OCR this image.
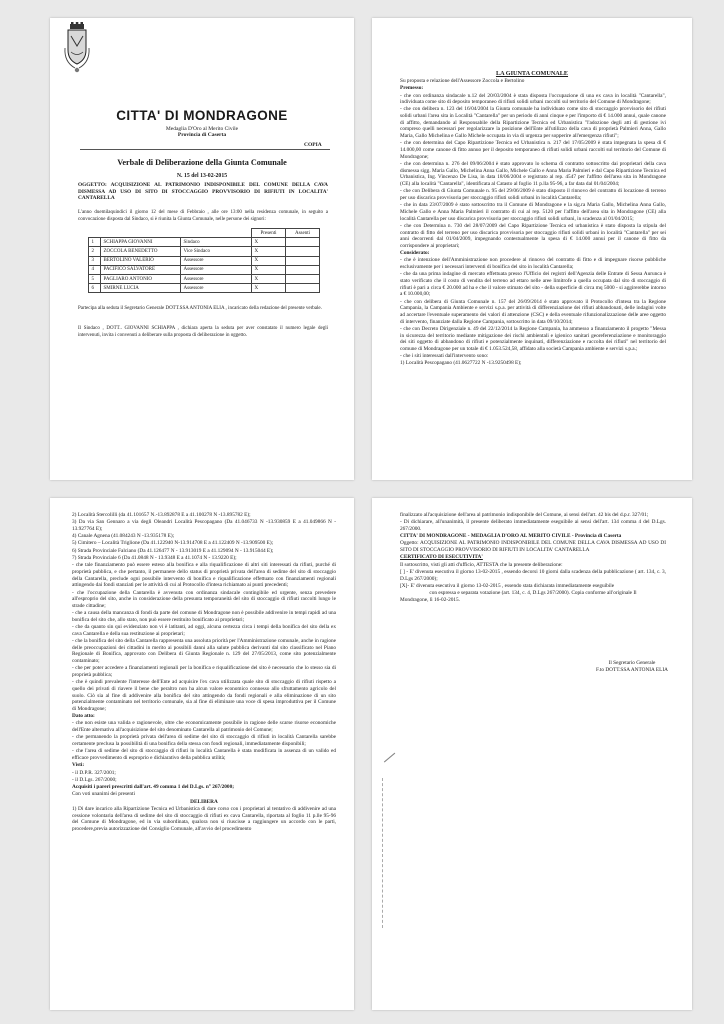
CITTA' DI MONDRAGONE
Medaglia D'Oro al Merito Civile
Provincia di Caserta
COPIA
Verbale di Deliberazione della Giunta Comunale
N. 15 del 13-02-2015
OGGETTO: ACQUISIZIONE AL PATRIMONIO INDISPONIBILE DEL COMUNE DELLA CAVA DISMESSA AD USO DI SITO DI STOCCAGGIO PROVVISORIO DI RIFIUTI IN LOCALITA' CANTARELLA
L'anno duemilaquindici il giorno 12 del mese di Febbraio , alle ore 13:00 nella residenza comunale, in seguito a convocazione disposta dal Sindaco, si è riunita la Giunta Comunale, nelle persone dei signori:
			Presenti	Assenti
1	SCHIAPPA GIOVANNI	Sindaco	X	
2	ZOCCOLA BENEDETTO	Vice Sindaco	X	
3	BERTOLINO VALERIO	Assessore	X	
4	PACIFICO SALVATORE	Assessore	X	
5	PAGLIARO ANTONIO	Assessore	X	
6	SMIRNE LUCIA	Assessore	X	
Partecipa alla seduta il Segretario Generale DOTT.SSA ANTONIA ELIA , incaricato della redazione del presente verbale.
Il Sindaco , DOTT.. GIOVANNI SCHIAPPA , dichiara aperta la seduta per aver constatato il numero legale degli intervenuti, invita i convenuti a deliberare sulla proposta di deliberazione in oggetto.
LA GIUNTA COMUNALE

Su proposta e relazione dell'Assessore Zoccola e Bertolino

Premesso:

- che con ordinanza sindacale n.12 del 20/03/2004 è stata disposta l'occupazione di una ex cava in località "Cantarella", individuata come sito di deposito temporaneo di rifiuti solidi urbani raccolti sul territorio del Comune di Mondragone;

- che con delibera n. 123 del 16/04/2004 la Giunta comunale ha individuato come sito di stoccaggio provvisorio dei rifiuti solidi urbani l'area sita in Località "Cantarella" per un periodo di anni cinque e per l'importo di € 14.000 annui, quale canone di affitto, demandando al Responsabile della Ripartizione Tecnica ed Urbanistica "l'adozione degli atti di gestione ivi compreso quelli necessari per regolarizzare la posizione dell'Ente all'utilizzo della cava di proprietà Palmieri Anna, Gallo Maria, Gallo Michelina e Gallo Michele occupata in via di urgenza per sopperire all'emergenza rifiuti";

- che con determina del Capo Ripartizione Tecnica ed Urbanistica n. 217 del 17/05/2009 è stata impegnata la spesa di € 14.000,00 come canone di fitto annuo per il deposito temporaneo di rifiuti solidi urbani raccolti sul territorio del Comune di Mondragone;

- che con determina n. 276 del 09/06/2004 è stato approvato lo schema di contratto sottoscritto dai proprietari della cava dismessa sigg. Maria Gallo, Michelina Anna Gallo, Michele Gallo e Anna Maria Palmieri e dal Capo Ripartizione Tecnica ed Urbanistica, Ing. Vincenzo De Lisa, in data 18/06/2004 e registrato al rep. 4547 per l'affitto dell'area sita in Mondragone (CE) alla località "Cantarella", identificata al Catasto al foglio 11 p.lla 95-96, a far data dal 01/04/2004;

- che con Delibera di Giunta Comunale n. 95 del 29/06/2009 è stato disposto il rinnovo del contratto di locazione di terreno per uso discarica provvisoria per stoccaggio rifiuti solidi urbani in località Cantarella;

- che in data 23/07/2009 è stato sottoscritto tra il Comune di Mondragone e la sig.ra Maria Gallo, Michelina Anna Gallo, Michele Gallo e Anna Maria Palmieri il contratto di cui al rep. 5120 per l'affitto dell'area sita in Mondragone (CE) alla località Cantarella per uso discarica provvisoria per stoccaggio rifiuti solidi urbani, in scadenza al 01/04/2015;

- che con Determina n. 730 del 28/07/2009 del Capo Ripartizione Tecnica ed urbanistica è stato disposta la stipula del contratto di fitto del terreno per uso discarica provvisoria per stoccaggio rifiuti solidi urbani in località "Cantarella" per sei anni decorrenti dal 01/04/2009, impegnando contestualmente la spesa di € 14.000 annui per il canone di fitto da corrispondere ai proprietari;

Considerato:

- che è intenzione dell'Amministrazione non procedere al rinnovo del contratto di fitto e di impegnare risorse pubbliche esclusivamente per i necessari interventi di bonifica del sito in località Cantarella;

- che da una prima indagine di mercato effettuata presso l'Ufficio dei registri dell'Agenzia delle Entrate di Sessa Aurunca è stato verificato che il costo di vendita del terreno ad ettaro nelle aree limitrofe a quella occupata dal sito di stoccaggio di rifiuti è pari a circa € 20.000 ad ha e che il valore stimato del sito - della superficie di circa mq 5000 - si aggirerebbe intorno a € 10.000,00;

- che con delibera di Giunta Comunale n. 157 del 26/09/2014 è stato approvato il Protocollo d'intesa tra la Regione Campania, la Campania Ambiente e servizi s.p.a. per attività di differenziazione dei rifiuti abbandonati, delle indagini volte ad accertare l'eventuale superamento dei valori di attenzione (CSC) e della eventuale rifunzionalizzazione delle aree oggetto di intervento, finanziate dalla Regione Campania, sottoscritto in data 09/10/2014;

- che con Decreto Dirigenziale n. 49 del 22/12/2014 la Regione Campania, ha ammesso a finanziamento il progetto "Messa in sicurezza del territorio mediante mitigazione dei rischi ambientali e igienico sanitari georeferenziazione e monitoraggio dei siti oggetto di abbandono di rifiuti e potenzialmente inquinati, differenziazione e raccolta dei rifiuti" nel territorio del comune di Mondragone per un totale di € 1.053.524,58, affidato alla società Campania ambiente e servizi s.p.a.;

- che i siti interessati dall'intervento sono:

1) Località Pescopagano (41.0627722 N -13.9250498 E);

2) Località Stercolilli (da 41.101657 N.-13.892878 E a 41.100278 N -13.895782 E);

3) Da via San Gennaro a via degli Oleandri Località Pescopagano (Da 41.046733 N -13.930859 E a 41.049866 N - 13.927764 E);

4) Canale Agnena (41.084243 N -13.935178 E);

5) Cimitero – Località Triglione (Da 41.122940 N-13.914708 E a 41.122409 N -13.909500 E);

6) Strada Provinciale Falciano (Da 41.126477 N - 13.913019 E a 41.129094 N - 13.915044 E);

7) Strada Provinciale 6 (Da 41.0848 N - 13.9348 E a 41.1074 N - 13.9220 E);

- che tale finanziamento può essere esteso alla bonifica e alla riqualificazione di altri siti interessati da rifiuti, purché di proprietà pubblica, e che pertanto, il permanere dello status di proprietà privata dell'area di sedime del sito di stoccaggio della Cantarella, preclude ogni possibile intervento di bonifica e riqualificazione effettuato con finanziamenti regionali attingendo dai fondi stanziati per le attività di cui al Protocollo d'intesa richiamato ai punti precedenti;

- che l'occupazione della Cantarella è avvenuta con ordinanza sindacale contingibile ed urgente, senza prevedere all'esproprio del sito, anche in considerazione della presunta temporaneità del sito di stoccaggio di rifiuti raccolti lungo le strade cittadine;

- che a causa della mancanza di fondi da parte del comune di Mondragone non è possibile addivenire in tempi rapidi ad una bonifica del sito che, allo stato, non può essere restituito bonificato ai proprietari;

- che da quanto sin qui evidenziato non vi è latitanti, ad oggi, alcuna certezza circa i tempi della bonifica del sito della ex cava Cantarella e della sua restituzione ai proprietari;

- che la bonifica del sito della Cantarella rappresenta una assoluta priorità per l'Amministrazione comunale, anche in ragione delle preoccupazioni dei cittadini in merito ai possibili danni alla salute pubblica derivanti dal sito classificato nel Piano Regionale di Bonifica, approvato con Delibera di Giunta Regionale n. 129 del 27/05/2013, come sito potenzialmente contaminato;

- che per poter accedere a finanziamenti regionali per la bonifica e riqualificazione del sito è necessario che lo stesso sia di proprietà pubblica;

- che è quindi prevalente l'interesse dell'Ente ad acquisire l'ex cava utilizzata quale sito di stoccaggio di rifiuti rispetto a quello dei privati di riavere il bene che peraltro non ha alcun valore economico connesso allo sfruttamento agricolo del suolo. Ciò sia al fine di addivenire alla bonifica del sito attingendo da fondi regionali e alla eliminazione di un sito potenzialmente contaminato nel territorio comunale, sia al fine di eliminare una voce di spesa improduttiva per il Comune di Mondragone;

Dato atto:

- che non esiste una valida e ragionevole, oltre che economicamente possibile in ragione delle scarse risorse economiche dell'Ente alternativa all'acquisizione del sito denominato Cantarella al patrimonio del Comune;

- che permanendo la proprietà privata dell'area di sedime del sito di stoccaggio di rifiuti in località Cantarella sarebbe certamente preclusa la possibilità di una bonifica della stessa con fondi regionali, immediatamente disponibili;

- che l'area di sedime del sito di stoccaggio di rifiuti in località Cantarella è stata modificata in assenza di un valido ed efficace provvedimento di esproprio e dichiarativo della pubblica utilità;

Visti:

- il D.P.R. 327/2001;

- il D.Lgs. 267/2000;

Acquisiti i pareri prescritti dall'art. 49 comma 1 del D.Lgs. n° 267/2000;

Con voti unanimi dei presenti

DELIBERA

1) Di dare incarico alla Ripartizione Tecnica ed Urbanistica di dare corso con i proprietari al tentativo di addivenire ad una cessione volontaria dell'area di sedime del sito di stoccaggio di rifiuti ex cava Cantarella, riportata al foglio 11 p.lle 95-96 del Comune di Mondragone, ed in via subordinata, qualora non si riuscisse a raggiungere un accordo con le parti, procedere,previa autorizzazione del Consiglio Comunale, all'avvio del procedimento

finalizzato all'acquisizione dell'area al patrimonio indisponibile del Comune, ai sensi dell'art. 42 bis del d.p.r. 327/01;

- Di dichiarare, all'unanimità, il presente deliberato immediatamente eseguibile ai sensi dell'art. 134 comma 4 del D.Lgs. 267/2000.

CITTA' DI MONDRAGONE - MEDAGLIA D'ORO AL MERITO CIVILE - Provincia di Caserta

Oggetto: ACQUISIZIONE AL PATRIMONIO INDISPONIBILE DEL COMUNE DELLA CAVA DISMESSA AD USO DI SITO DI STOCCAGGIO PROVVISORIO DI RIFIUTI IN LOCALITA' CANTARELLA

CERTIFICATO DI ESECUTIVITA'

Il sottoscritto, visti gli atti d'ufficio, ATTESTA che la presente deliberazione:

[ ] - E' divenuta esecutiva il giorno 13-02-2015 , essendo decorsi 10 giorni dalla scadenza della pubblicazione ( art. 134, c. 3, D.Lgs 267/2000);

[X]- E' divenuta esecutiva il giorno 13-02-2015 , essendo stata dichiarata immediatamente eseguibile

con espressa e separata votazione (art. 134, c. 4, D.Lgs 267/2000). Copia conforme all'originale Il

Mondragone, lì 16-02-2015.

Il Segretario Generale
F.to DOTT.SSA ANTONIA ELIA
